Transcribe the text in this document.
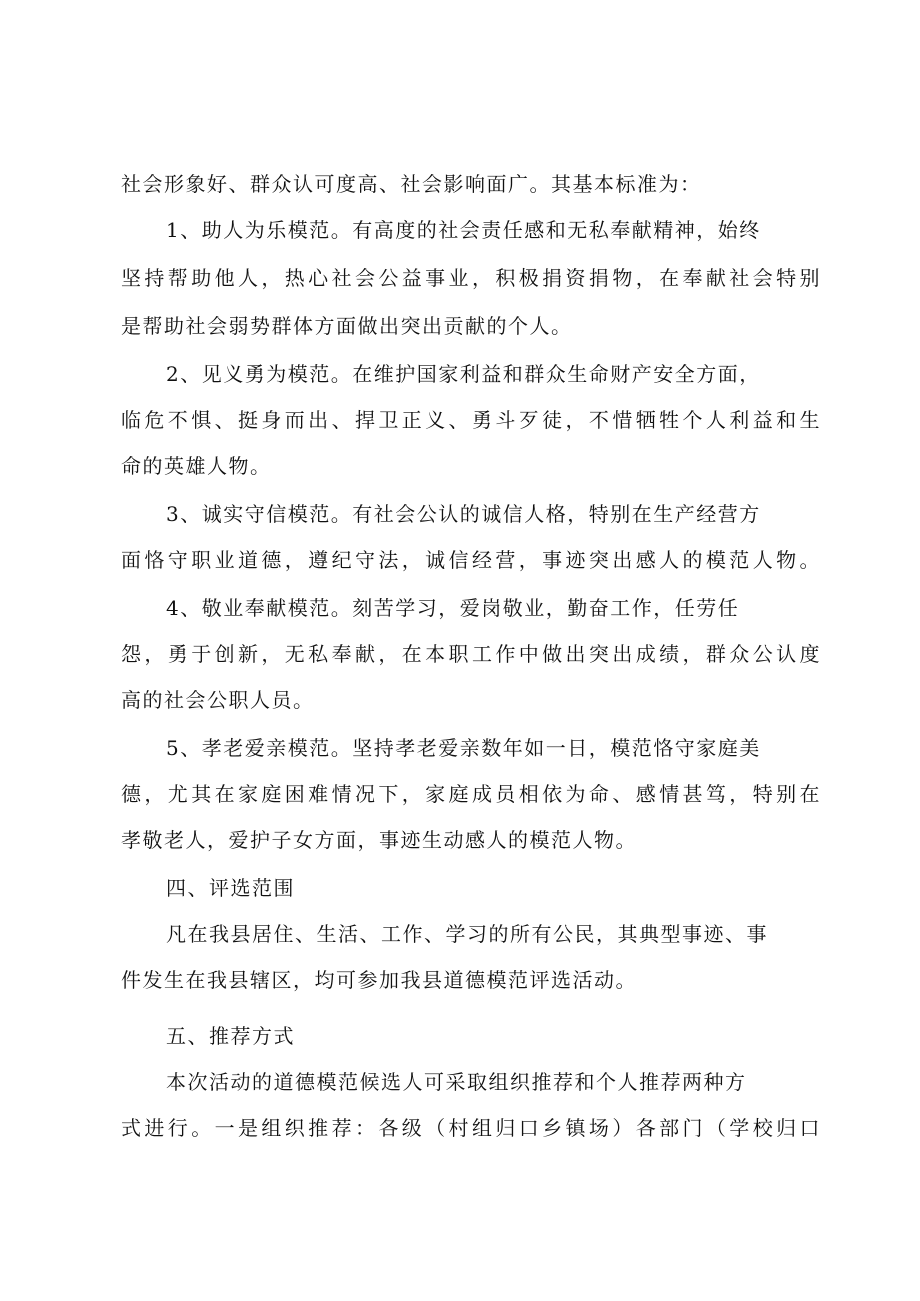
社会形象好、群众认可度高、社会影响面广。其基本标准为：
1、助人为乐模范。有高度的社会责任感和无私奉献精神，始终
坚持帮助他人，热心社会公益事业，积极捐资捐物，在奉献社会特别
是帮助社会弱势群体方面做出突出贡献的个人。
2、见义勇为模范。在维护国家利益和群众生命财产安全方面，
临危不惧、挺身而出、捍卫正义、勇斗歹徒，不惜牺牲个人利益和生
命的英雄人物。
3、诚实守信模范。有社会公认的诚信人格，特别在生产经营方
面恪守职业道德，遵纪守法，诚信经营，事迹突出感人的模范人物。
4、敬业奉献模范。刻苦学习，爱岗敬业，勤奋工作，任劳任
怨，勇于创新，无私奉献，在本职工作中做出突出成绩，群众公认度
高的社会公职人员。
5、孝老爱亲模范。坚持孝老爱亲数年如一日，模范恪守家庭美
德，尤其在家庭困难情况下，家庭成员相依为命、感情甚笃，特别在
孝敬老人，爱护子女方面，事迹生动感人的模范人物。
四、评选范围
凡在我县居住、生活、工作、学习的所有公民，其典型事迹、事
件发生在我县辖区，均可参加我县道德模范评选活动。
五、推荐方式
本次活动的道德模范候选人可采取组织推荐和个人推荐两种方
式进行。一是组织推荐：各级（村组归口乡镇场）各部门（学校归口
